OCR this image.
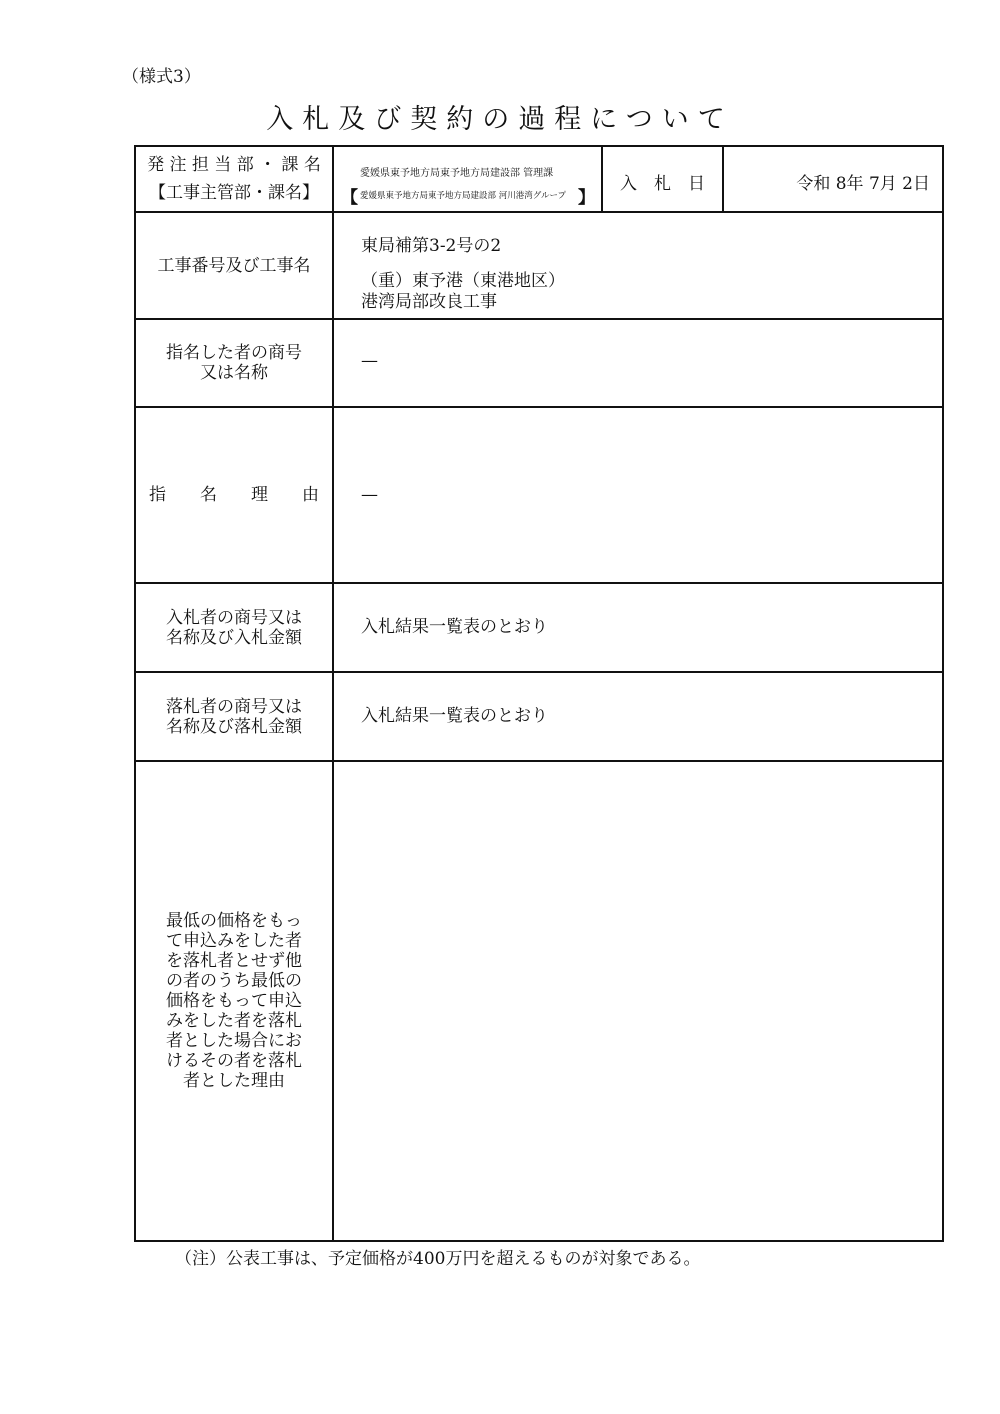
（様式3）
入札及び契約の過程について
発 注 担 当 部 ・ 課 名
【工事主管部・課名】
愛媛県東予地方局東予地方局建設部 管理課
【 愛媛県東予地方局東予地方局建設部 河川港湾グループ 】
入　札　日	令和 8年 7月 2日
工事番号及び工事名
東局補第3-2号の2
（重）東予港（東港地区）
港湾局部改良工事
指名した者の商号
又は名称
—
指　　名　　理　　由 —
入札者の商号又は
名称及び入札金額
入札結果一覧表のとおり
落札者の商号又は
名称及び落札金額
入札結果一覧表のとおり
最低の価格をもっ
て申込みをした者
を落札者とせず他
の者のうち最低の
価格をもって申込
みをした者を落札
者とした場合にお
けるその者を落札
者とした理由
（注）公表工事は、予定価格が400万円を超えるものが対象である。
